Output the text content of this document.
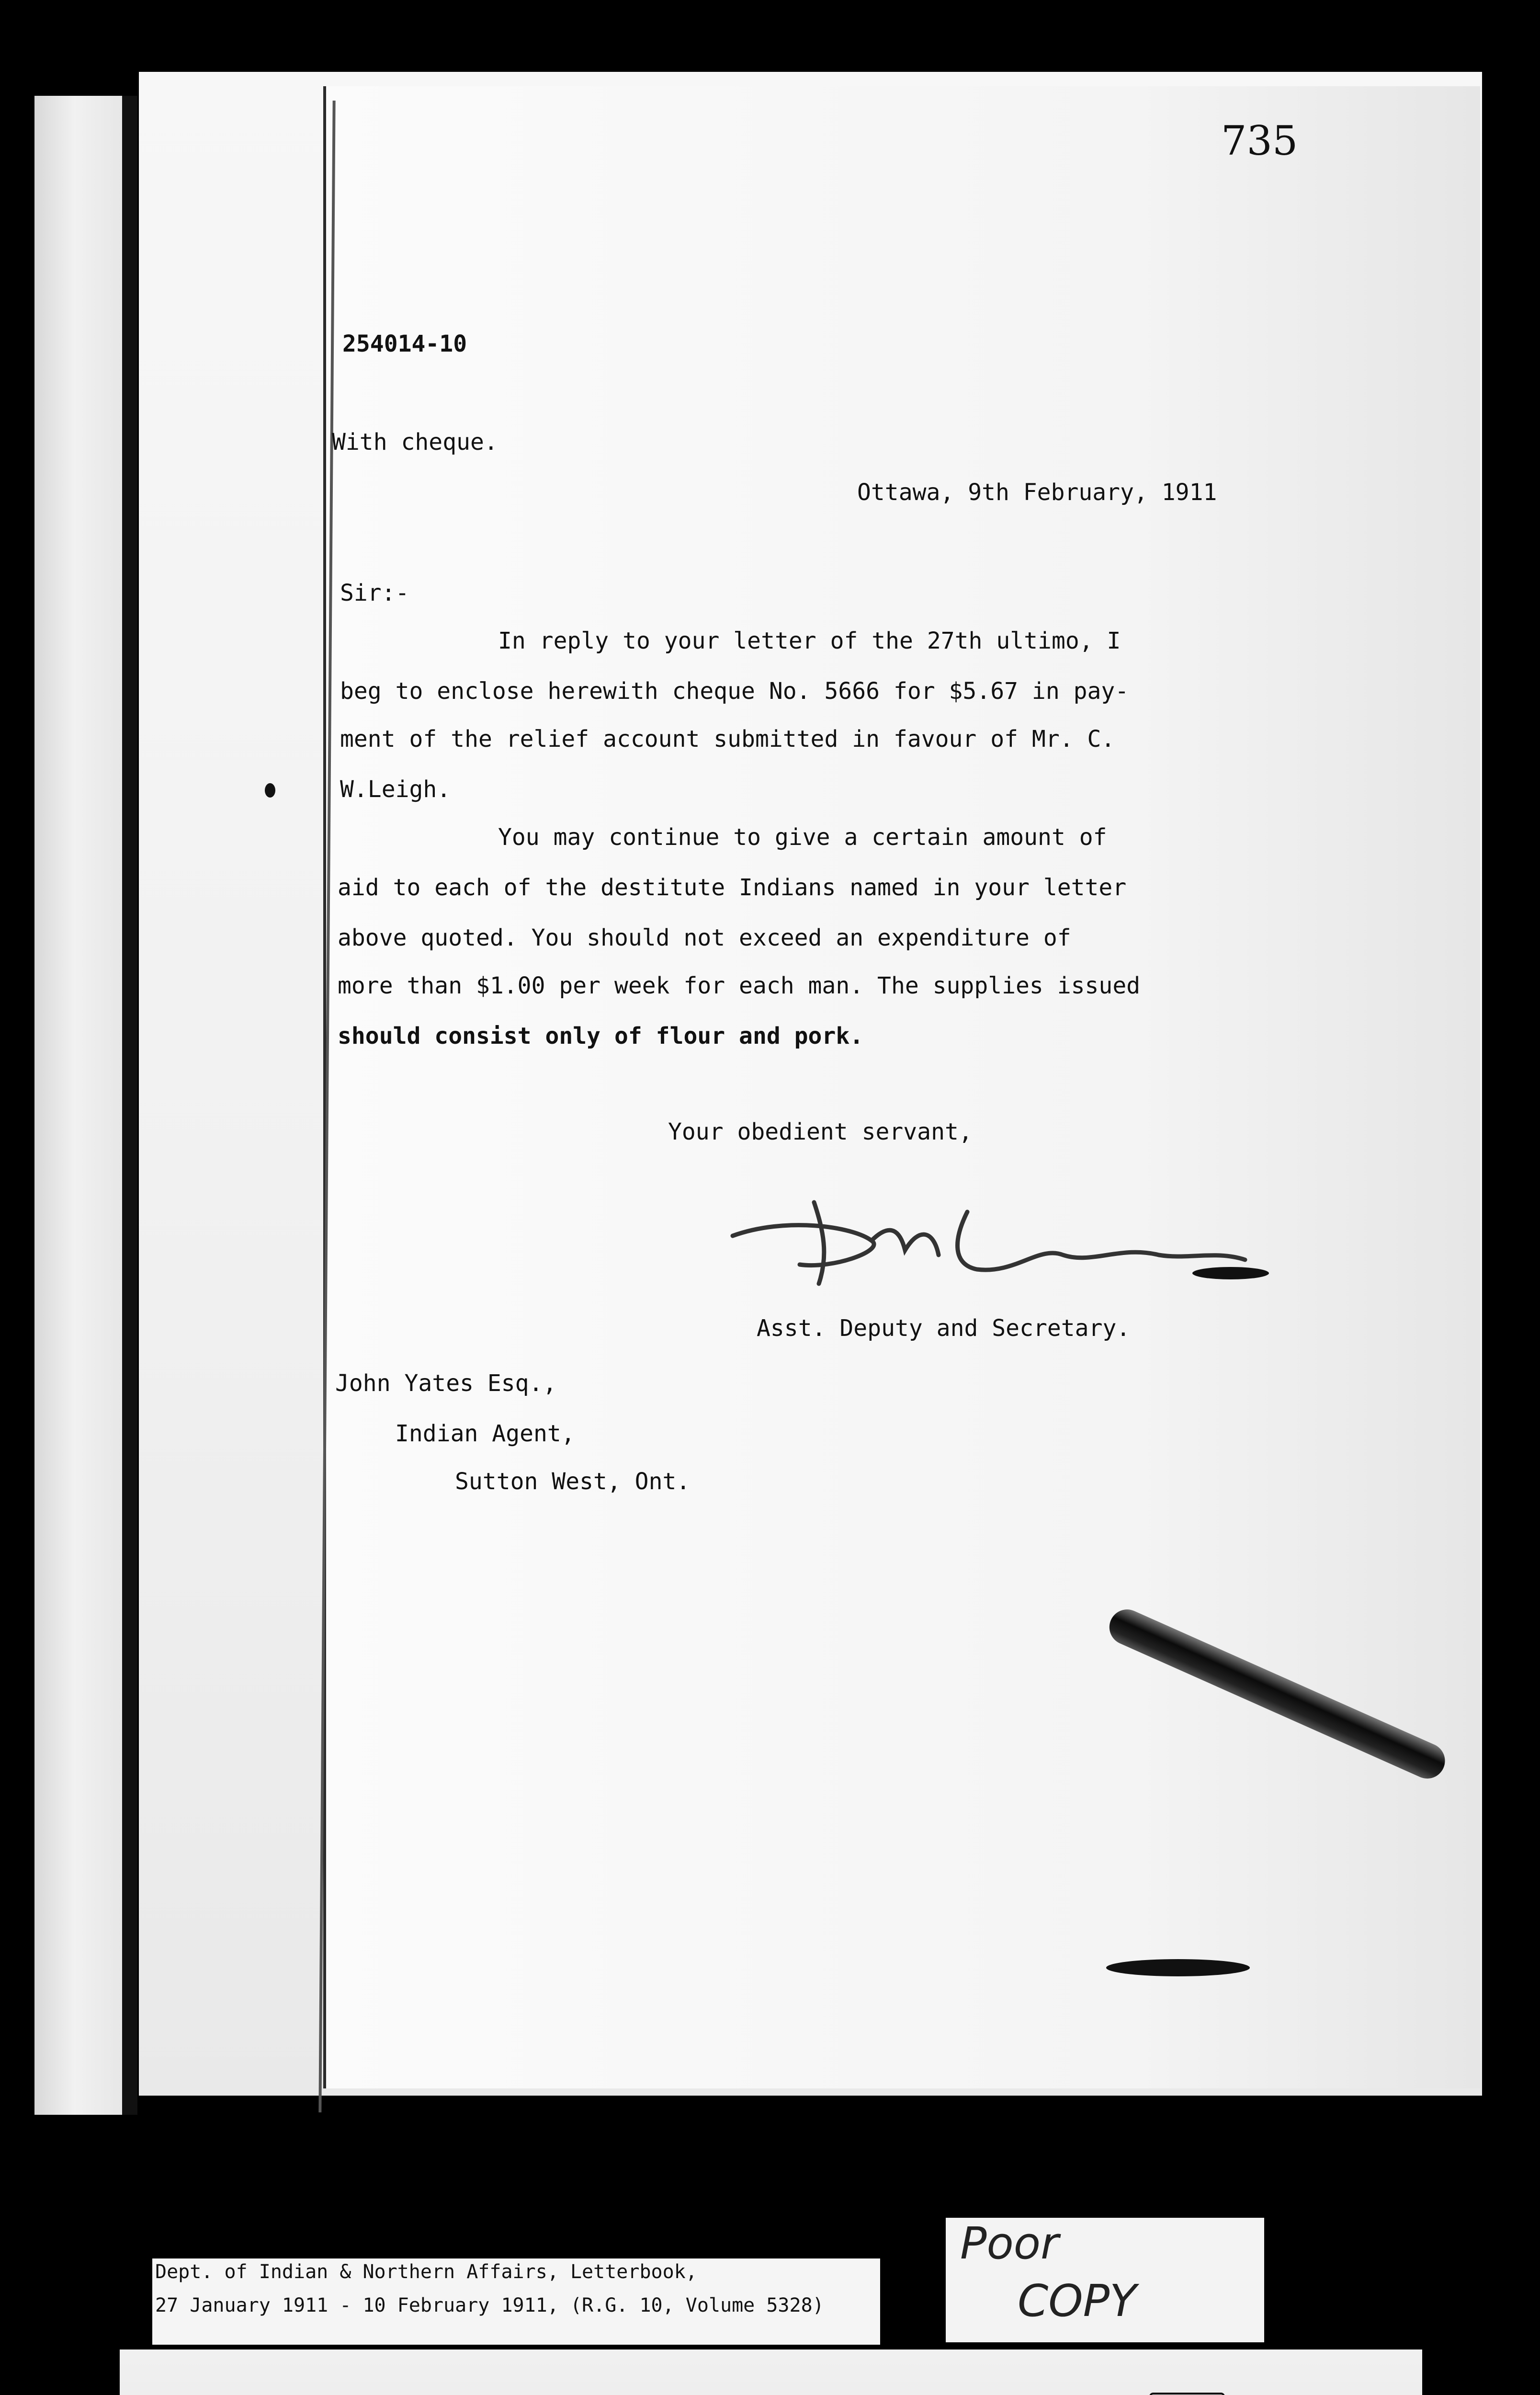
735
254014-10
With cheque.
Ottawa, 9th February, 1911
Sir:-
In reply to your letter of the 27th ultimo, I
beg to enclose herewith cheque No. 5666 for $5.67 in pay-
ment of the relief account submitted in favour of Mr. C.
W.Leigh.
You may continue to give a certain amount of
aid to each of the destitute Indians named in your letter
above quoted. You should not exceed an expenditure of
more than $1.00 per week for each man. The supplies issued
should consist only of flour and pork.
Your obedient servant,
Asst. Deputy and Secretary.
John Yates Esq.,
Indian Agent,
Sutton West, Ont.
Dept. of Indian & Northern Affairs, Letterbook,
27 January 1911 - 10 February 1911, (R.G. 10, Volume 5328)
Poor
COPY
